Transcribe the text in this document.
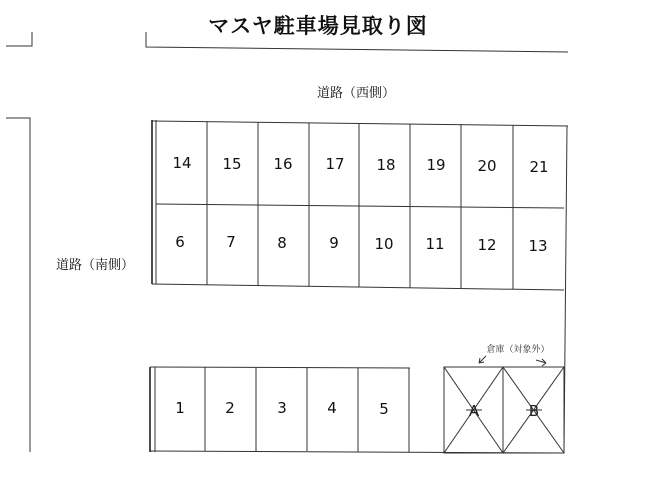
マスヤ駐車場見取り図
道路（西側）
道路（南側）
14 15 16 17 18 19 20 21
6	7	8	9 10 11 12 13
1	2	3	4	5	A	B
倉庫（対象外）
